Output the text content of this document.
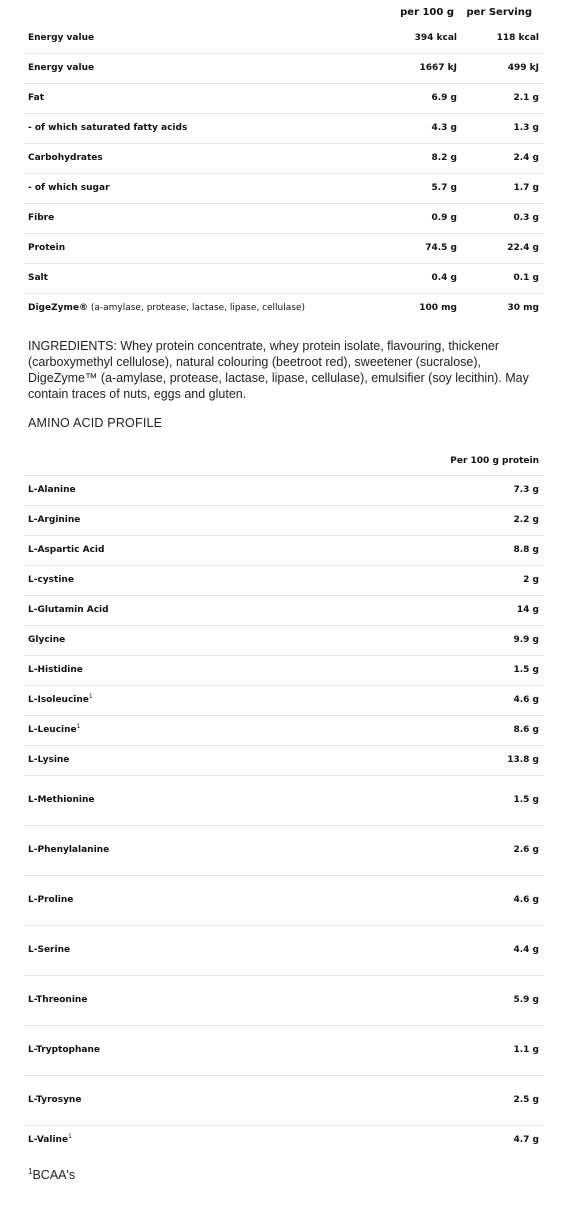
per 100 g per Serving
Energy value	394 kcal	118 kcal
Energy value	1667 kJ	499 kJ
Fat	6.9 g	2.1 g
- of which saturated fatty acids	4.3 g	1.3 g
Carbohydrates	8.2 g	2.4 g
- of which sugar	5.7 g	1.7 g
Fibre	0.9 g	0.3 g
Protein	74.5 g	22.4 g
Salt	0.4 g	0.1 g
DigeZyme® (a-amylase, protease, lactase, lipase, cellulase)	100 mg	30 mg

INGREDIENTS: Whey protein concentrate, whey protein isolate, flavouring, thickener (carboxymethyl cellulose), natural colouring (beetroot red), sweetener (sucralose), DigeZyme™ (a-amylase, protease, lactase, lipase, cellulase), emulsifier (soy lecithin). May contain traces of nuts, eggs and gluten.

AMINO ACID PROFILE
Per 100 g protein
L-Alanine	7.3 g
L-Arginine	2.2 g
L-Aspartic Acid	8.8 g
L-cystine	2 g
L-Glutamin Acid	14 g
Glycine	9.9 g
L-Histidine	1.5 g
L-Isoleucine$^1$	4.6 g
L-Leucine$^1$	8.6 g
L-Lysine	13.8 g
L-Methionine	1.5 g
L-Phenylalanine	2.6 g
L-Proline	4.6 g
L-Serine	4.4 g
L-Threonine	5.9 g
L-Tryptophane	1.1 g
L-Tyrosyne	2.5 g
L-Valine$^1$	4.7 g
$^1$BCAA's
